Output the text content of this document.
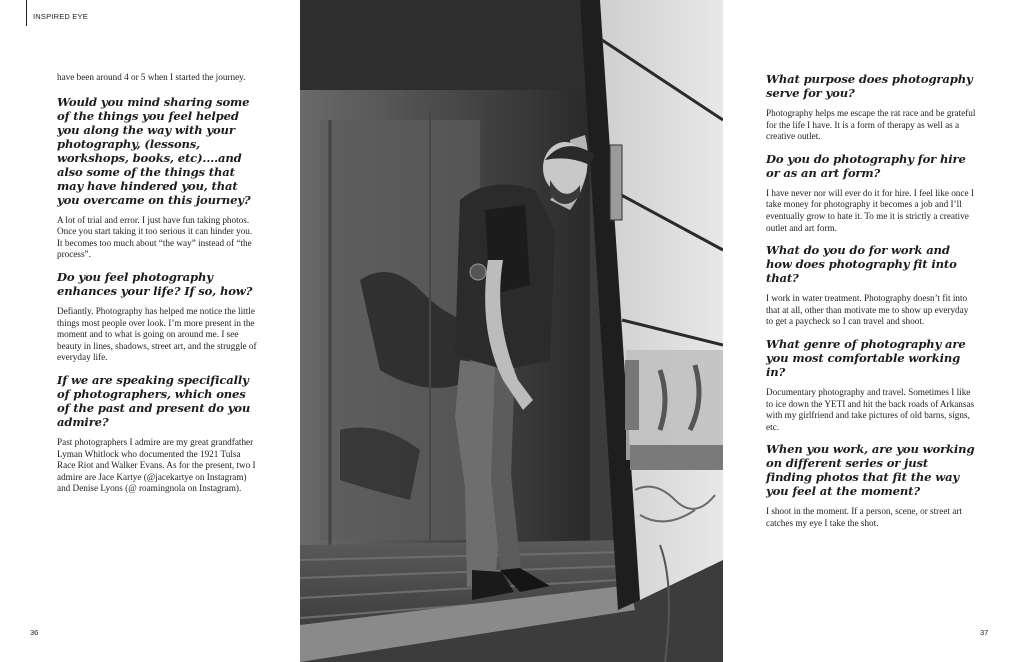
INSPIRED EYE

have been around 4 or 5 when I started the journey.

Would you mind sharing some of the things you feel helped you along the way with your photography, (lessons, workshops, books, etc)....and also some of the things that may have hindered you, that you overcame on this journey?

A lot of trial and error. I just have fun taking photos. Once you start taking it too serious it can hinder you. It becomes too much about “the way” instead of “the process”.

Do you feel photography enhances your life? If so, how?

Defiantly. Photography has helped me notice the little things most people over look. I’m more present in the moment and to what is going on around me. I see beauty in lines, shadows, street art, and the struggle of everyday life.

If we are speaking specifically of photographers, which ones of the past and present do you admire?

Past photographers I admire are my great grandfather Lyman Whitlock who documented the 1921 Tulsa Race Riot and Walker Evans. As for the present, two I admire are Jace Kartye (@jacekartye on Instagram) and Denise Lyons (@ roamingnola on Instagram).

36

What purpose does photography serve for you?

Photography helps me escape the rat race and be grateful for the life I have. It is a form of therapy as well as a creative outlet.

Do you do photography for hire or as an art form?

I have never nor will ever do it for hire. I feel like once I take money for photography it becomes a job and I’ll eventually grow to hate it. To me it is strictly a creative outlet and art form.

What do you do for work and how does photography fit into that?

I work in water treatment. Photography doesn’t fit into that at all, other than motivate me to show up everyday to get a paycheck so I can travel and shoot.

What genre of photography are you most comfortable working in?

Documentary photography and travel. Sometimes I like to ice down the YETI and hit the back roads of Arkansas with my girlfriend and take pictures of old barns, signs, etc.

When you work, are you working on different series or just finding photos that fit the way you feel at the moment?

I shoot in the moment. If a person, scene, or street art catches my eye I take the shot.

37
